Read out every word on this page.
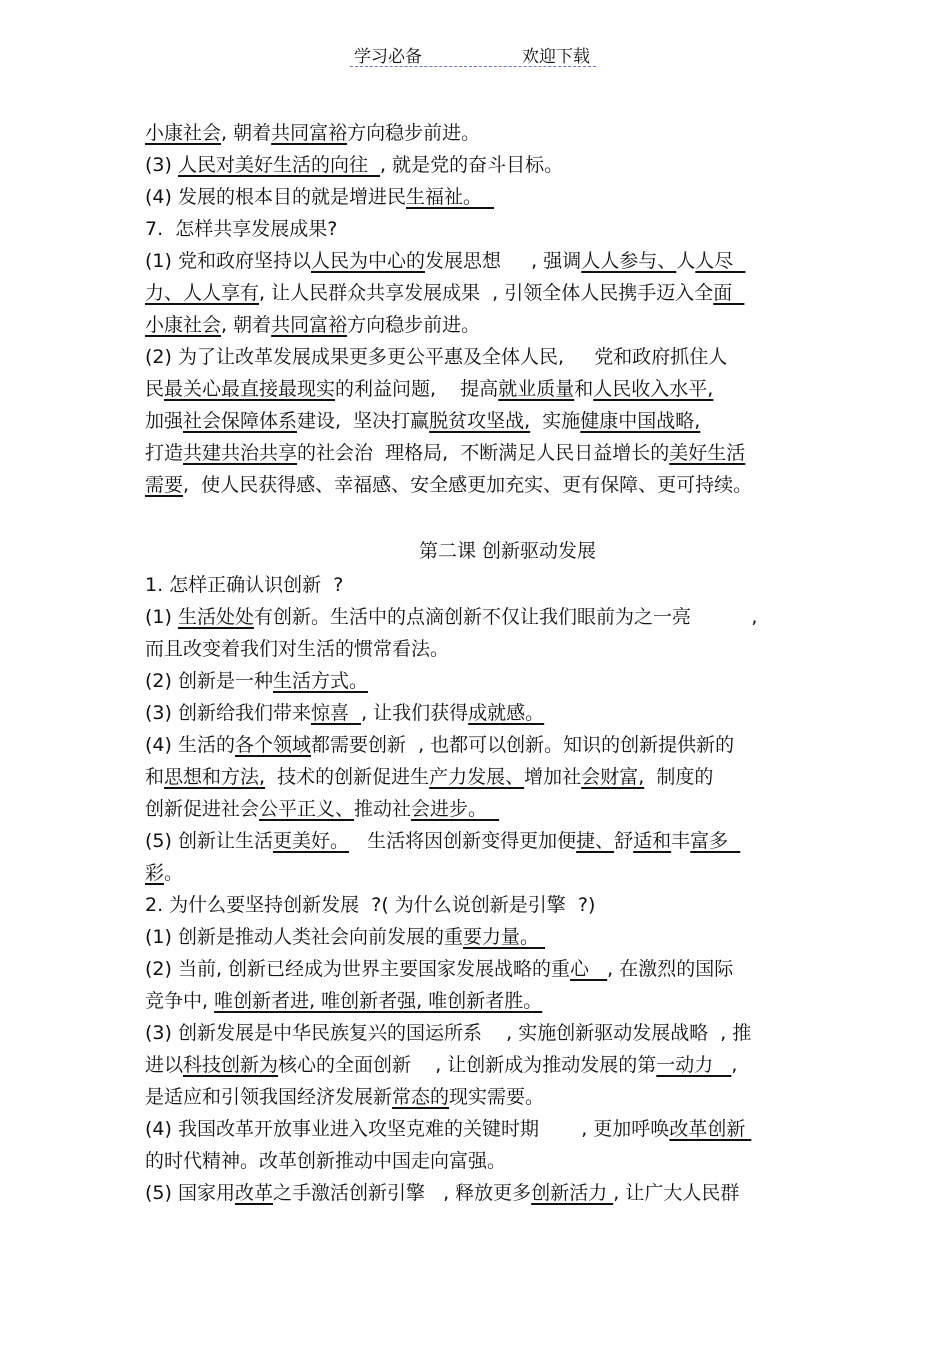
学习必备	欢迎下载
小康社会, 朝着共同富裕方向稳步前进。
(3) 人民对美好生活的向往  , 就是党的奋斗目标。
(4) 发展的根本目的就是增进民生福祉。
7.  怎样共享发展成果?
(1) 党和政府坚持以人民为中心的发展思想     , 强调人人参与、人人尽
力、人人享有, 让人民群众共享发展成果  , 引领全体人民携手迈入全面
小康社会, 朝着共同富裕方向稳步前进。
(2) 为了让改革发展成果更多更公平惠及全体人民,     党和政府抓住人
民最关心最直接最现实的利益问题,    提高就业质量和人民收入水平,
加强社会保障体系建设,  坚决打赢脱贫攻坚战,  实施健康中国战略,
打造共建共治共享的社会治  理格局,  不断满足人民日益增长的美好生活
需要,  使人民获得感、幸福感、安全感更加充实、更有保障、更可持续。
第二课 创新驱动发展
1. 怎样正确认识创新  ?
(1) 生活处处有创新。生活中的点滴创新不仅让我们眼前为之一亮          ,
而且改变着我们对生活的惯常看法。
(2) 创新是一种生活方式。
(3) 创新给我们带来惊喜  , 让我们获得成就感。
(4) 生活的各个领域都需要创新  , 也都可以创新。知识的创新提供新的
和思想和方法,  技术的创新促进生产力发展、增加社会财富,  制度的
创新促进社会公平正义、推动社会进步。
(5) 创新让生活更美好。   生活将因创新变得更加便捷、舒适和丰富多
彩。
2. 为什么要坚持创新发展  ?( 为什么说创新是引擎  ?)
(1) 创新是推动人类社会向前发展的重要力量。
(2) 当前, 创新已经成为世界主要国家发展战略的重心   , 在激烈的国际
竞争中, 唯创新者进, 唯创新者强, 唯创新者胜。
(3) 创新发展是中华民族复兴的国运所系    , 实施创新驱动发展战略  , 推
进以科技创新为核心的全面创新    , 让创新成为推动发展的第一动力   ,
是适应和引领我国经济发展新常态的现实需要。
(4) 我国改革开放事业进入攻坚克难的关键时期       , 更加呼唤改革创新
的时代精神。改革创新推动中国走向富强。
(5) 国家用改革之手激活创新引擎   , 释放更多创新活力 , 让广大人民群
